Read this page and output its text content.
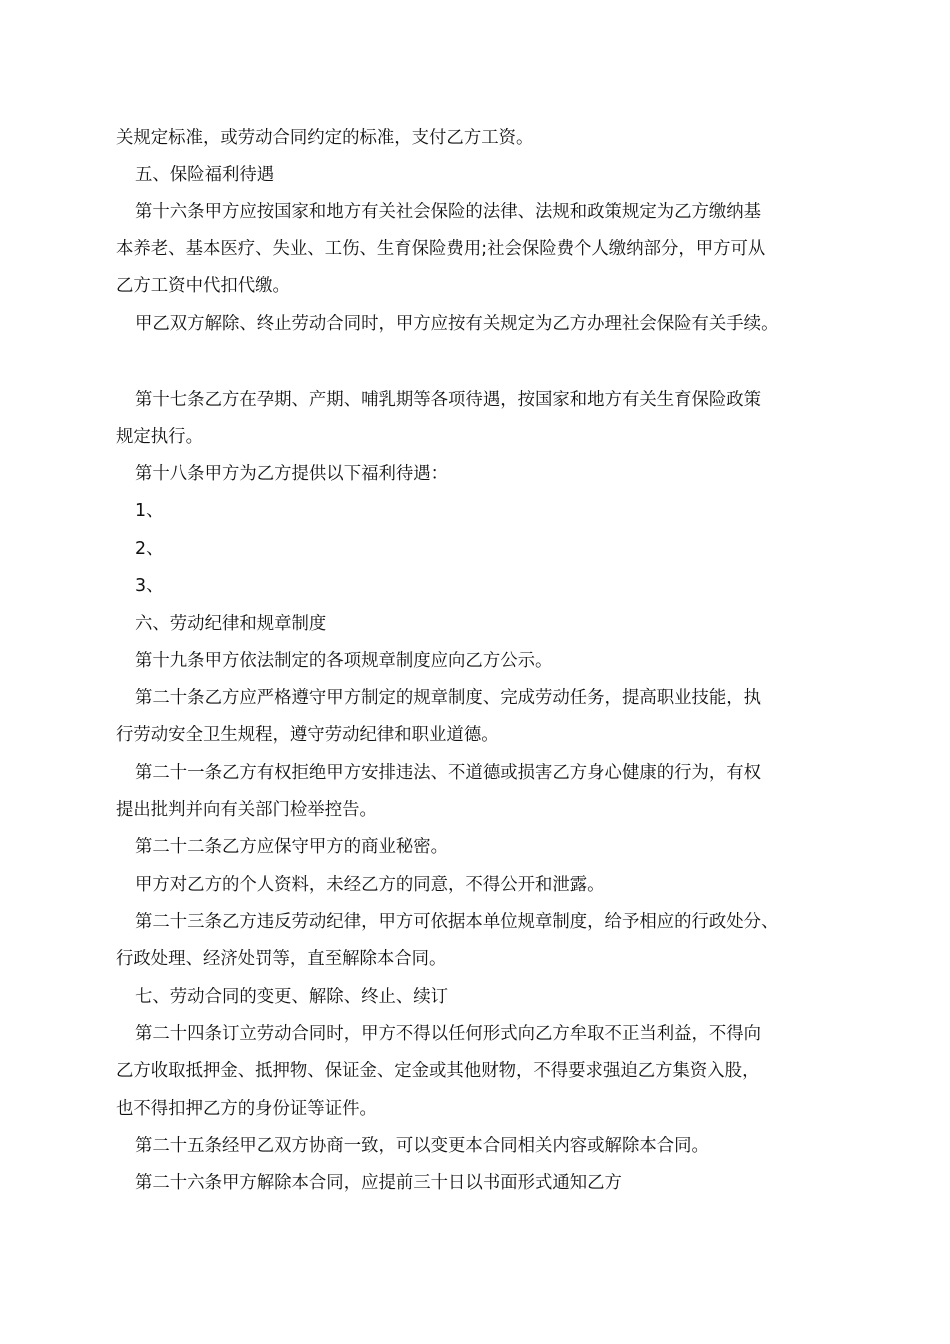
关规定标准，或劳动合同约定的标准，支付乙方工资。

五、保险福利待遇

第十六条甲方应按国家和地方有关社会保险的法律、法规和政策规定为乙方缴纳基

本养老、基本医疗、失业、工伤、生育保险费用;社会保险费个人缴纳部分，甲方可从

乙方工资中代扣代缴。

甲乙双方解除、终止劳动合同时，甲方应按有关规定为乙方办理社会保险有关手续。

第十七条乙方在孕期、产期、哺乳期等各项待遇，按国家和地方有关生育保险政策

规定执行。

第十八条甲方为乙方提供以下福利待遇：

1、

2、

3、

六、劳动纪律和规章制度

第十九条甲方依法制定的各项规章制度应向乙方公示。

第二十条乙方应严格遵守甲方制定的规章制度、完成劳动任务，提高职业技能，执

行劳动安全卫生规程，遵守劳动纪律和职业道德。

第二十一条乙方有权拒绝甲方安排违法、不道德或损害乙方身心健康的行为，有权

提出批判并向有关部门检举控告。

第二十二条乙方应保守甲方的商业秘密。

甲方对乙方的个人资料，未经乙方的同意，不得公开和泄露。

第二十三条乙方违反劳动纪律，甲方可依据本单位规章制度，给予相应的行政处分、

行政处理、经济处罚等，直至解除本合同。

七、劳动合同的变更、解除、终止、续订

第二十四条订立劳动合同时，甲方不得以任何形式向乙方牟取不正当利益，不得向

乙方收取抵押金、抵押物、保证金、定金或其他财物，不得要求强迫乙方集资入股，

也不得扣押乙方的身份证等证件。

第二十五条经甲乙双方协商一致，可以变更本合同相关内容或解除本合同。

第二十六条甲方解除本合同，应提前三十日以书面形式通知乙方
